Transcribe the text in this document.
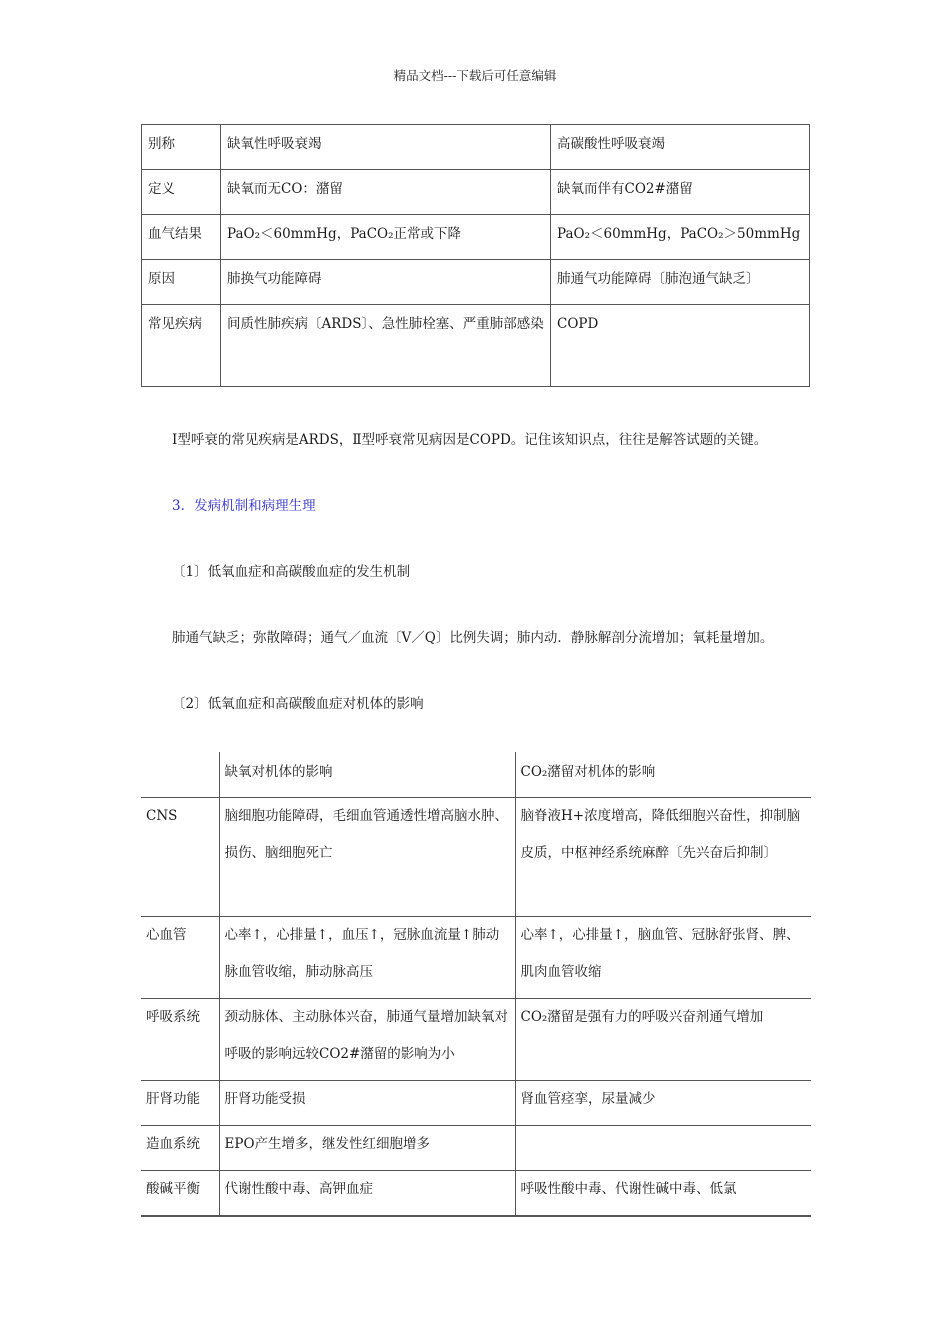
精品文档---下载后可任意编辑
别称	缺氧性呼吸衰竭	高碳酸性呼吸衰竭
定义	缺氧而无CO：潴留	缺氧而伴有CO2#潴留
血气结果	PaO₂＜60mmHg，PaCO₂正常或下降	PaO₂＜60mmHg，PaCO₂＞50mmHg
原因	肺换气功能障碍	肺通气功能障碍〔肺泡通气缺乏〕
常见疾病	间质性肺疾病〔ARDS〕、急性肺栓塞、严重肺部感染	COPD
Ⅰ型呼衰的常见疾病是ARDS，Ⅱ型呼衰常见病因是COPD。记住该知识点，往往是解答试题的关键。
3．发病机制和病理生理
〔1〕低氧血症和高碳酸血症的发生机制
肺通气缺乏；弥散障碍；通气／血流〔V／Q〕比例失调；肺内动．静脉解剖分流增加；氧耗量增加。
〔2〕低氧血症和高碳酸血症对机体的影响
	缺氧对机体的影响	CO₂潴留对机体的影响
CNS	脑细胞功能障碍，毛细血管通透性增高脑水肿、损伤、脑细胞死亡	脑脊液H+浓度增高，降低细胞兴奋性，抑制脑皮质，中枢神经系统麻醉〔先兴奋后抑制〕
心血管	心率↑，心排量↑，血压↑，冠脉血流量↑肺动脉血管收缩，肺动脉高压	心率↑，心排量↑，脑血管、冠脉舒张肾、脾、肌肉血管收缩
呼吸系统	颈动脉体、主动脉体兴奋，肺通气量增加缺氧对呼吸的影响远较CO2#潴留的影响为小	CO₂潴留是强有力的呼吸兴奋剂通气增加
肝肾功能	肝肾功能受损	肾血管痉挛，尿量减少
造血系统	EPO产生增多，继发性红细胞增多	
酸碱平衡	代谢性酸中毒、高钾血症	呼吸性酸中毒、代谢性碱中毒、低氯
